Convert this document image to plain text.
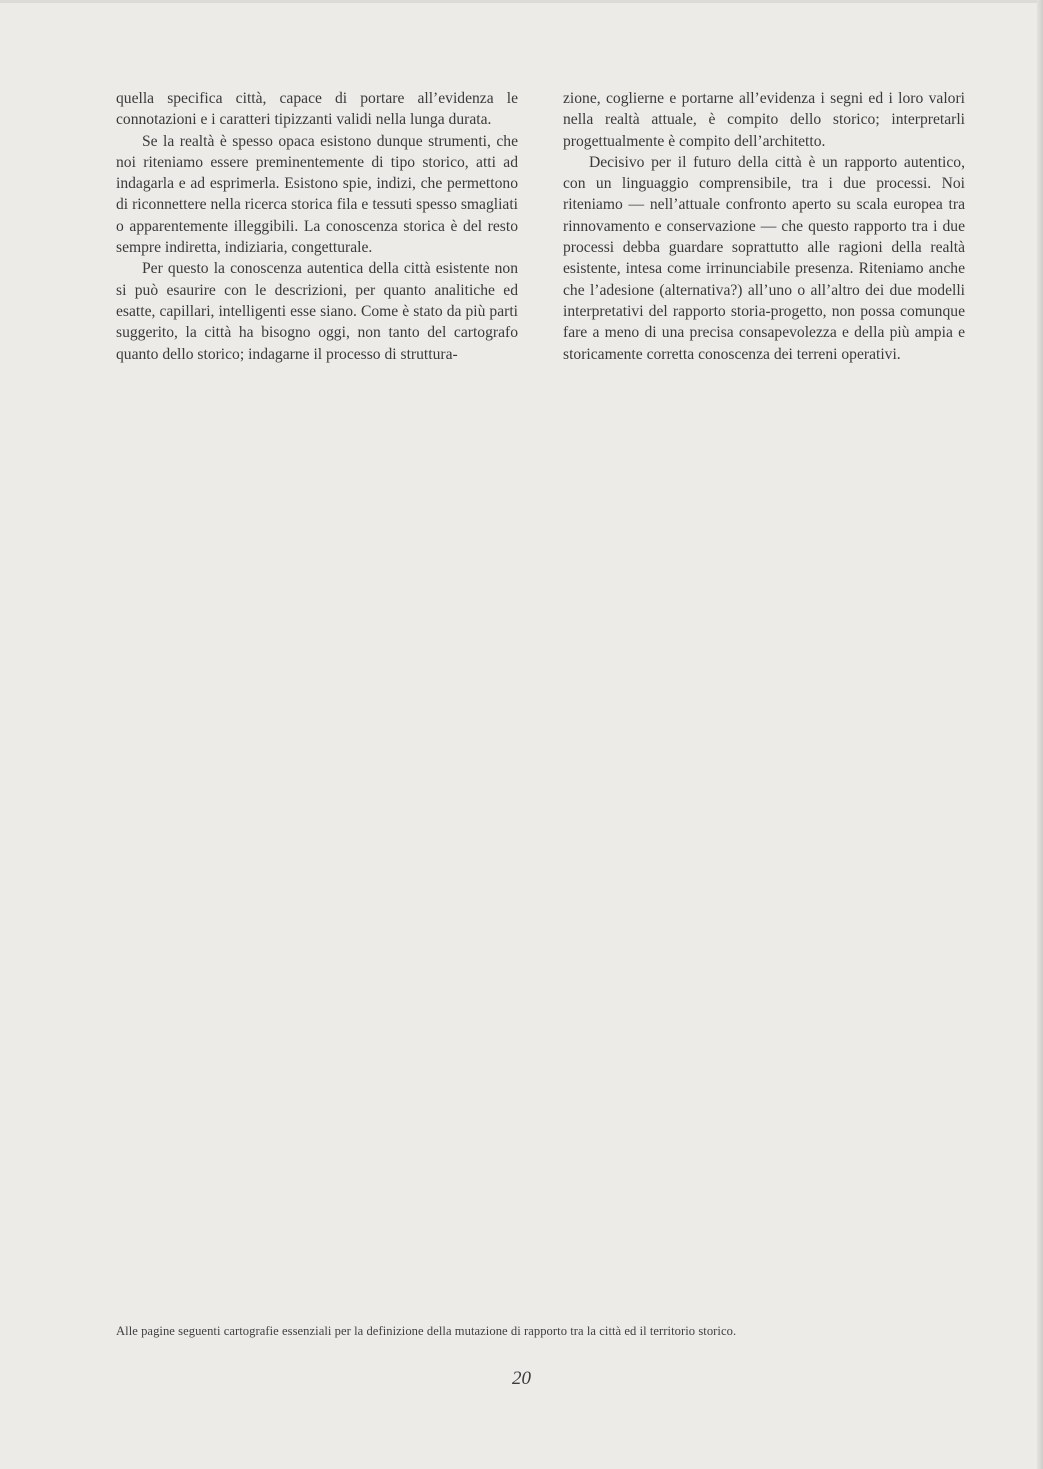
quella specifica città, capace di portare all’evidenza le connotazioni e i caratteri tipizzanti validi nella lunga durata.

Se la realtà è spesso opaca esistono dunque strumenti, che noi riteniamo essere preminentemente di tipo storico, atti ad indagarla e ad esprimerla. Esistono spie, indizi, che permettono di riconnettere nella ricerca storica fila e tessuti spesso smagliati o apparentemente illeggibili. La conoscenza storica è del resto sempre indiretta, indiziaria, congetturale.

Per questo la conoscenza autentica della città esistente non si può esaurire con le descrizioni, per quanto analitiche ed esatte, capillari, intelligenti esse siano. Come è stato da più parti suggerito, la città ha bisogno oggi, non tanto del cartografo quanto dello storico; indagarne il processo di struttura-

zione, coglierne e portarne all’evidenza i segni ed i loro valori nella realtà attuale, è compito dello storico; interpretarli progettualmente è compito dell’architetto.

Decisivo per il futuro della città è un rapporto autentico, con un linguaggio comprensibile, tra i due processi. Noi riteniamo — nell’attuale confronto aperto su scala europea tra rinnovamento e conservazione — che questo rapporto tra i due processi debba guardare soprattutto alle ragioni della realtà esistente, intesa come irrinunciabile presenza. Riteniamo anche che l’adesione (alternativa?) all’uno o all’altro dei due modelli interpretativi del rapporto storia-progetto, non possa comunque fare a meno di una precisa consapevolezza e della più ampia e storicamente corretta conoscenza dei terreni operativi.

Alle pagine seguenti cartografie essenziali per la definizione della mutazione di rapporto tra la città ed il territorio storico.
20
